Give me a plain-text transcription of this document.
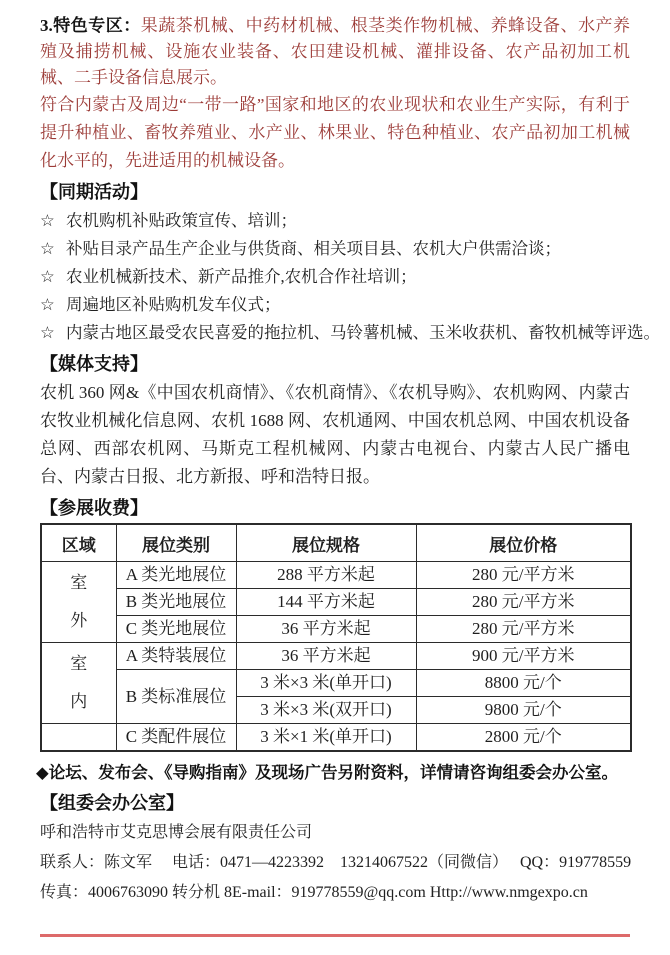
3.特色专区：果蔬茶机械、中药材机械、根茎类作物机械、养蜂设备、水产养殖及捕捞机械、设施农业装备、农田建设机械、灌排设备、农产品初加工机械、二手设备信息展示。

符合内蒙古及周边“一带一路”国家和地区的农业现状和农业生产实际，有利于提升种植业、畜牧养殖业、水产业、林果业、特色种植业、农产品初加工机械化水平的，先进适用的机械设备。

【同期活动】
☆ 农机购机补贴政策宣传、培训；
☆ 补贴目录产品生产企业与供货商、相关项目县、农机大户供需洽谈；
☆ 农业机械新技术、新产品推介,农机合作社培训；
☆ 周遍地区补贴购机发车仪式；
☆ 内蒙古地区最受农民喜爱的拖拉机、马铃薯机械、玉米收获机、畜牧机械等评选。
【媒体支持】

农机 360 网&《中国农机商情》、《农机商情》、《农机导购》、农机购网、内蒙古农牧业机械化信息网、农机 1688 网、农机通网、中国农机总网、中国农机设备总网、西部农机网、马斯克工程机械网、内蒙古电视台、内蒙古人民广播电台、内蒙古日报、北方新报、呼和浩特日报。

【参展收费】
区域	展位类别	展位规格	展位价格
室外	A 类光地展位	288 平方米起	280 元/平方米
	B 类光地展位	144 平方米起	280 元/平方米
	C 类光地展位	36 平方米起	280 元/平方米
室内	A 类特装展位	36 平方米起	900 元/平方米
	B 类标准展位	3 米×3 米(单开口)	8800 元/个
		3 米×3 米(双开口)	9800 元/个
	C 类配件展位	3 米×1 米(单开口)	2800 元/个

◆论坛、发布会、《导购指南》及现场广告另附资料，详情请咨询组委会办公室。

【组委会办公室】

呼和浩特市艾克思博会展有限责任公司

联系人：陈文军　 电话：0471—4223392　13214067522（同微信）　 QQ：919778559

传真：4006763090 转分机 8E-mail：919778559@qq.com Http://www.nmgexpo.cn
